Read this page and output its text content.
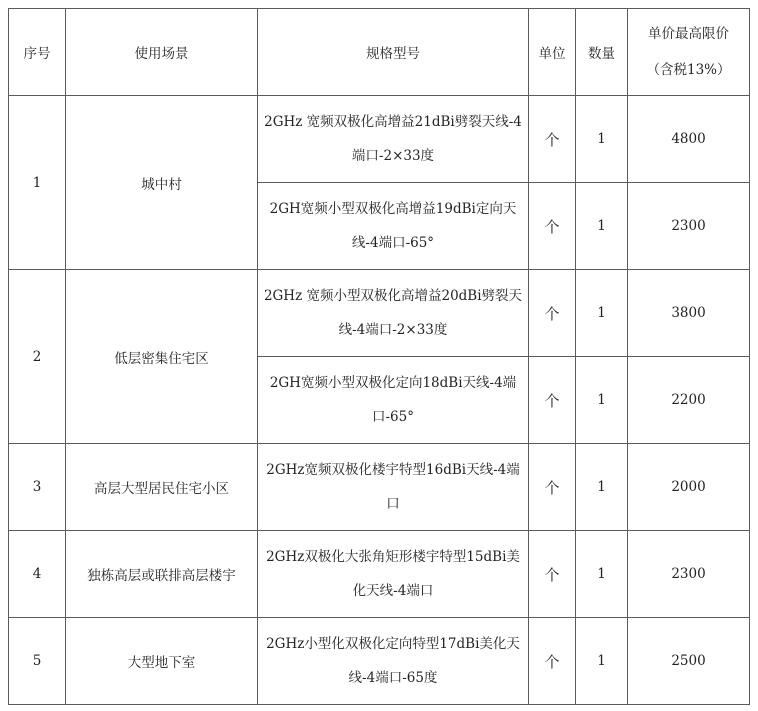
序号	使用场景	规格型号	单位	数量	单价最高限价
（含税13%）

1	城中村	2GHz 宽频双极化高增益21dBi劈裂天线-4端口-2×33度	个	1	4800
		2GH宽频小型双极化高增益19dBi定向天线-4端口-65°	个	1	2300
2	低层密集住宅区	2GHz 宽频小型双极化高增益20dBi劈裂天线-4端口-2×33度	个	1	3800
		2GH宽频小型双极化定向18dBi天线-4端口-65°	个	1	2200
3	高层大型居民住宅小区	2GHz宽频双极化楼宇特型16dBi天线-4端口	个	1	2000
4	独栋高层或联排高层楼宇	2GHz双极化大张角矩形楼宇特型15dBi美化天线-4端口	个	1	2300
5	大型地下室	2GHz小型化双极化定向特型17dBi美化天线-4端口-65度	个	1	2500
